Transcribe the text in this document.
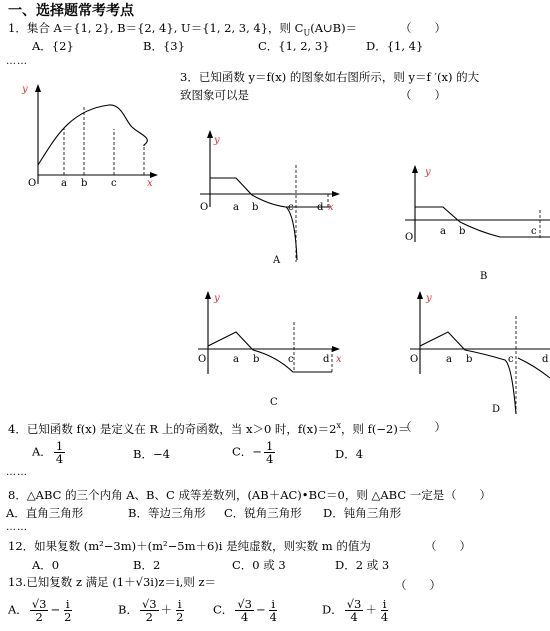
一、选择题常考考点
1．集合 A＝{1, 2}, B＝{2, 4}, U＝{1, 2, 3, 4}，则 $C_U(A\cup B)=$	（　　）
A．{2}	B．{3}	C．{1, 2, 3}	D．{1, 4}
……
3．已知函数 y＝f(x) 的图象如右图所示，则 y＝f ′(x) 的大
致图象可以是	（　　）
y
O a b c	x
y
O a b	c d x
A
y
O
a b	c
B
y
O	a b	c	d x
C
y
O	a b	c	d
D
4．已知函数 f(x) 是定义在 R 上的奇函数，当 x＞0 时，$f(x)=2^x$，则 f(−2)＝
（　　）
A． $\frac{1}{4}$	B．−4	C．− $\frac{1}{4}$	D．4
……
8．△ABC 的三个内角 A、B、C 成等差数列，(AB＋AC)•BC＝0，则 △ABC 一定是 （　　）
A．直角三角形	B．等边三角形 C．锐角三角形 D．钝角三角形
……
12．如果复数 (m²−3m)＋(m²−5m＋6)i 是纯虚数，则实数 m 的值为	（　　）
A．0	B．2	C．0 或 3	D．2 或 3
13.已知复数 z 满足 (1＋√3i)z＝i,则 z＝	（　　）
A． $\frac{√3}{2} - \frac{i}{2}$	B． $\frac{√3}{2} + \frac{i}{2}$ C． $\frac{√3}{4} - \frac{i}{4}$	D． $\frac{√3}{4} + \frac{i}{4}$
